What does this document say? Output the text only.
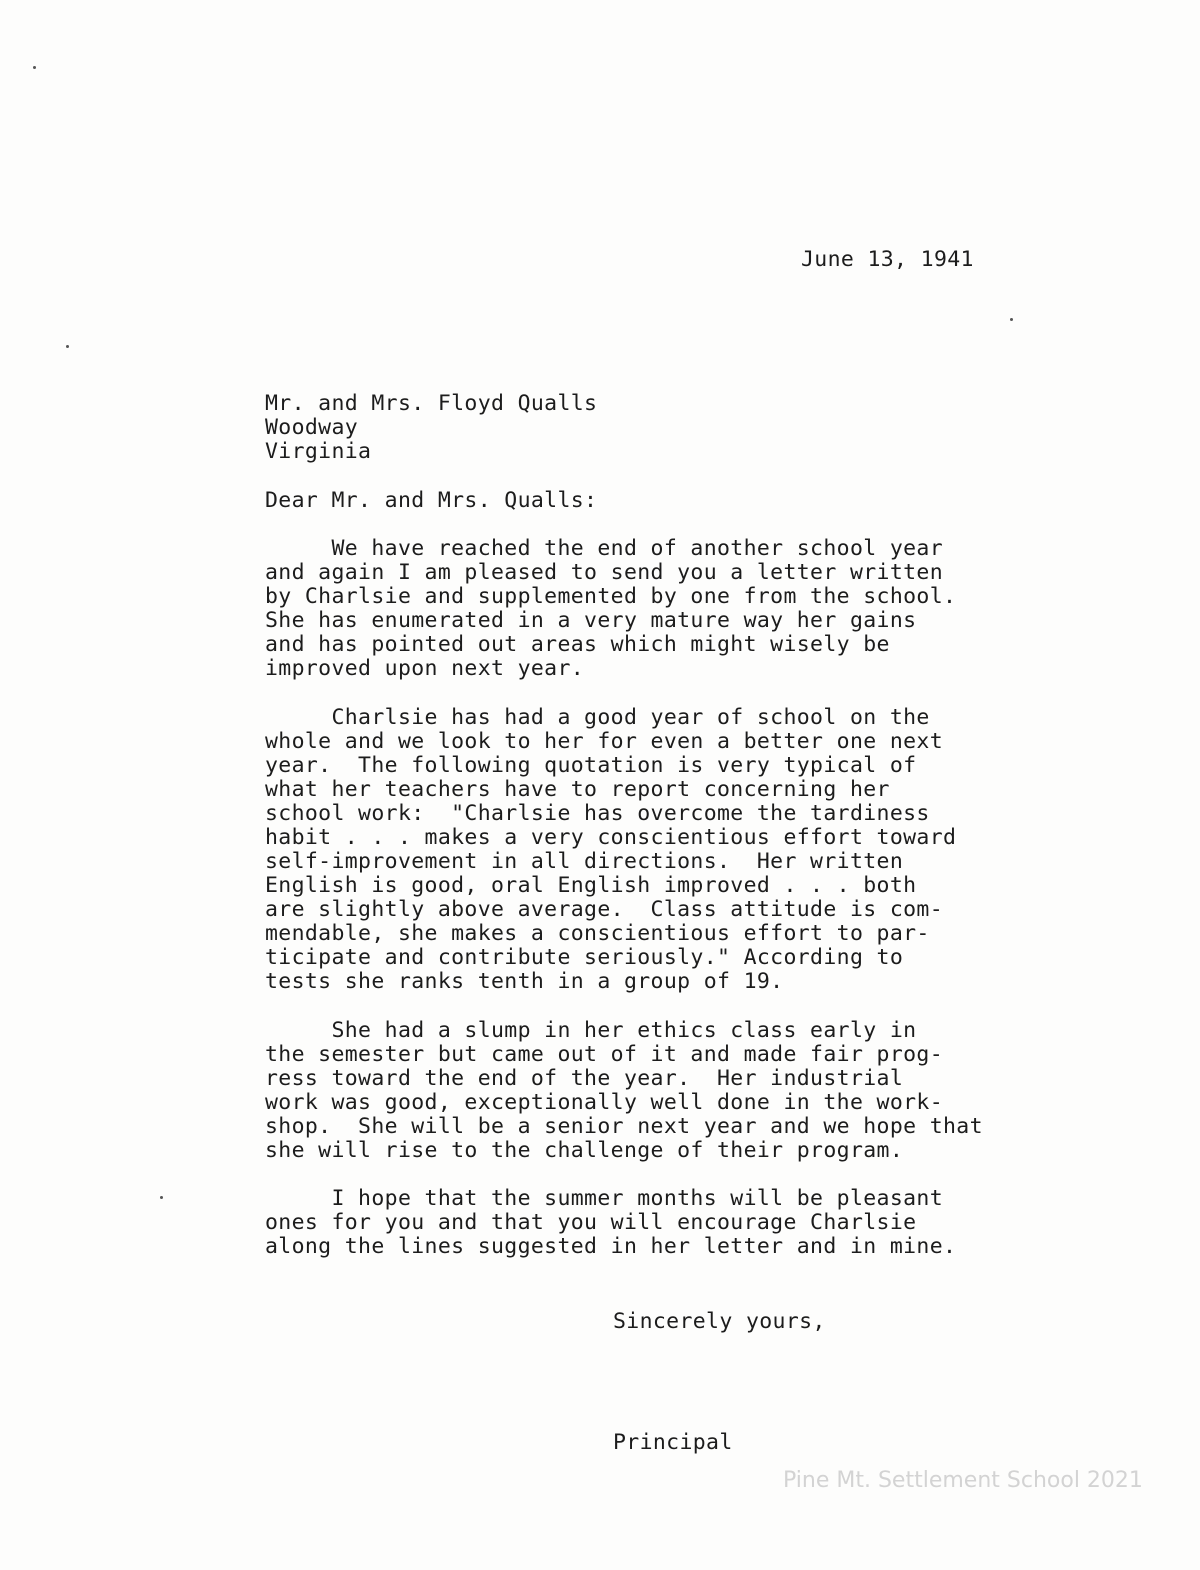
June 13, 1941
Mr. and Mrs. Floyd Qualls
Woodway
Virginia
Dear Mr. and Mrs. Qualls:
We have reached the end of another school year
and again I am pleased to send you a letter written
by Charlsie and supplemented by one from the school.
She has enumerated in a very mature way her gains
and has pointed out areas which might wisely be
improved upon next year.
Charlsie has had a good year of school on the
whole and we look to her for even a better one next
year.  The following quotation is very typical of
what her teachers have to report concerning her
school work:  "Charlsie has overcome the tardiness
habit . . . makes a very conscientious effort toward
self-improvement in all directions.  Her written
English is good, oral English improved . . . both
are slightly above average.  Class attitude is com-
mendable, she makes a conscientious effort to par-
ticipate and contribute seriously." According to
tests she ranks tenth in a group of 19.
She had a slump in her ethics class early in
the semester but came out of it and made fair prog-
ress toward the end of the year.  Her industrial
work was good, exceptionally well done in the work-
shop.  She will be a senior next year and we hope that
she will rise to the challenge of their program.
I hope that the summer months will be pleasant
ones for you and that you will encourage Charlsie
along the lines suggested in her letter and in mine.
Sincerely yours,
Principal
Pine Mt. Settlement School 2021
